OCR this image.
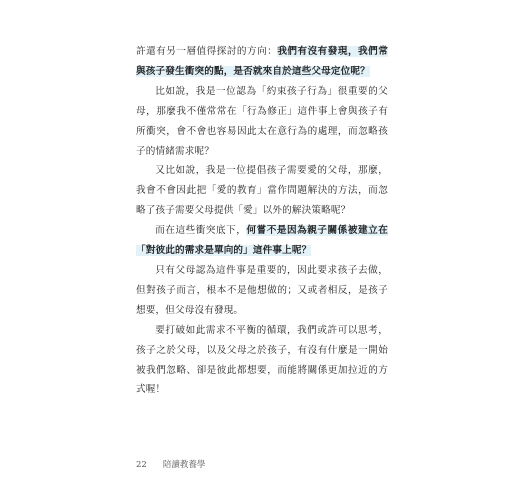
許還有另一層值得探討的方向：我們有沒有發現，我們常與孩子發生衝突的點，是否就來自於這些父母定位呢？

比如說，我是一位認為「約束孩子行為」很重要的父母，那麼我不僅常常在「行為修正」這件事上會與孩子有所衝突，會不會也容易因此太在意行為的處理，而忽略孩子的情緒需求呢？

又比如說，我是一位提倡孩子需要愛的父母，那麼，我會不會因此把「愛的教育」當作問題解決的方法，而忽略了孩子需要父母提供「愛」以外的解決策略呢？

而在這些衝突底下，何嘗不是因為親子關係被建立在「對彼此的需求是單向的」這件事上呢？

只有父母認為這件事是重要的，因此要求孩子去做，但對孩子而言，根本不是他想做的；又或者相反，是孩子想要，但父母沒有發現。

要打破如此需求不平衡的循環，我們或許可以思考，孩子之於父母，以及父母之於孩子，有沒有什麼是一開始被我們忽略、卻是彼此都想要，而能將關係更加拉近的方式喔！

22 陪讀教養學
